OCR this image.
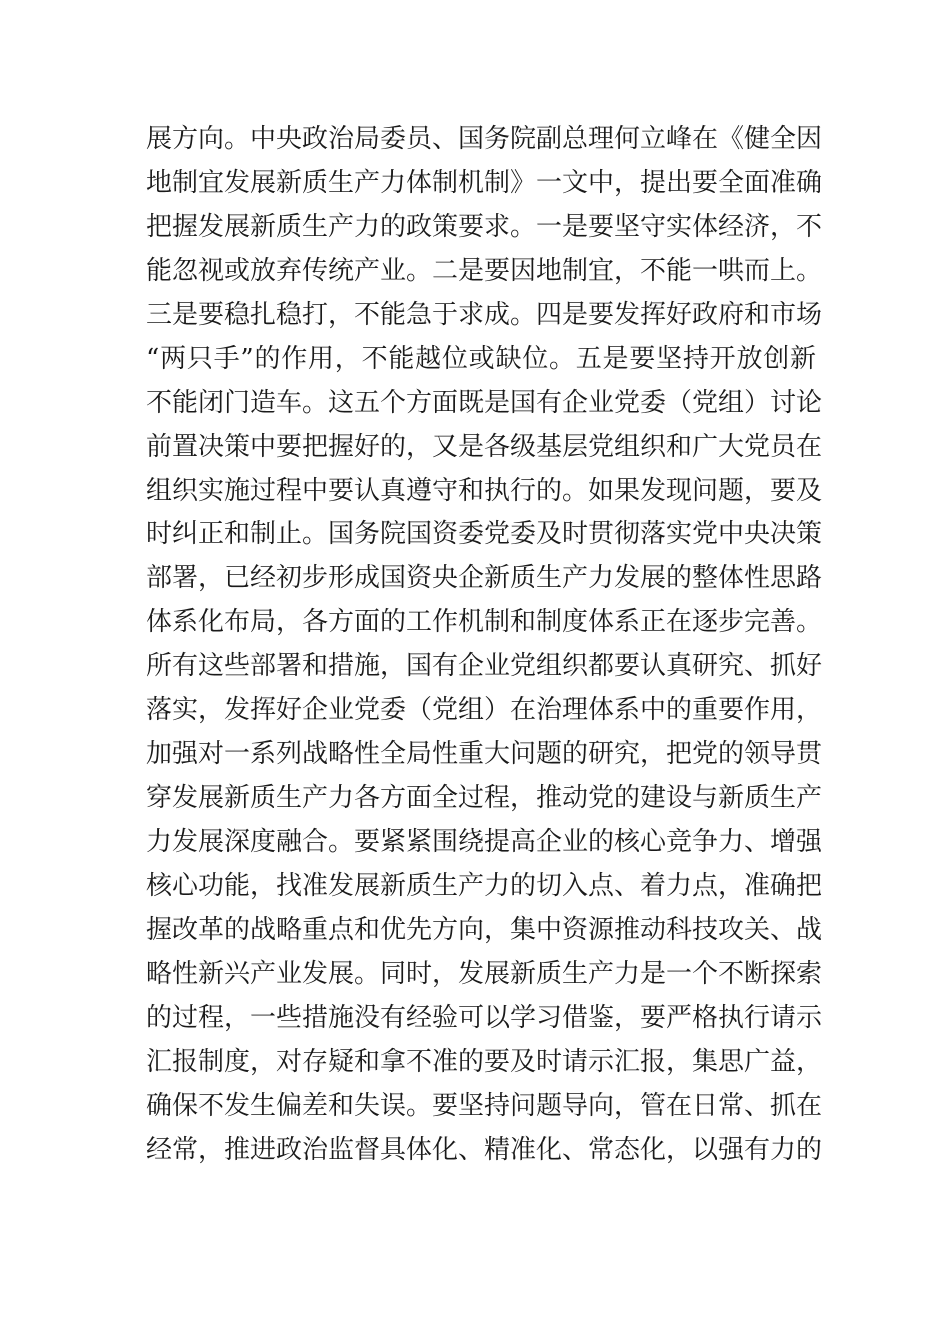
展方向。中央政治局委员、国务院副总理何立峰在《健全因
地制宜发展新质生产力体制机制》一文中，提出要全面准确
把握发展新质生产力的政策要求。一是要坚守实体经济，不
能忽视或放弃传统产业。二是要因地制宜，不能一哄而上。
三是要稳扎稳打，不能急于求成。四是要发挥好政府和市场
“两只手”的作用，不能越位或缺位。五是要坚持开放创新
不能闭门造车。这五个方面既是国有企业党委（党组）讨论
前置决策中要把握好的，又是各级基层党组织和广大党员在
组织实施过程中要认真遵守和执行的。如果发现问题，要及
时纠正和制止。国务院国资委党委及时贯彻落实党中央决策
部署，已经初步形成国资央企新质生产力发展的整体性思路
体系化布局，各方面的工作机制和制度体系正在逐步完善。
所有这些部署和措施，国有企业党组织都要认真研究、抓好
落实，发挥好企业党委（党组）在治理体系中的重要作用，
加强对一系列战略性全局性重大问题的研究，把党的领导贯
穿发展新质生产力各方面全过程，推动党的建设与新质生产
力发展深度融合。要紧紧围绕提高企业的核心竞争力、增强
核心功能，找准发展新质生产力的切入点、着力点，准确把
握改革的战略重点和优先方向，集中资源推动科技攻关、战
略性新兴产业发展。同时，发展新质生产力是一个不断探索
的过程，一些措施没有经验可以学习借鉴，要严格执行请示
汇报制度，对存疑和拿不准的要及时请示汇报，集思广益，
确保不发生偏差和失误。要坚持问题导向，管在日常、抓在
经常，推进政治监督具体化、精准化、常态化，以强有力的
